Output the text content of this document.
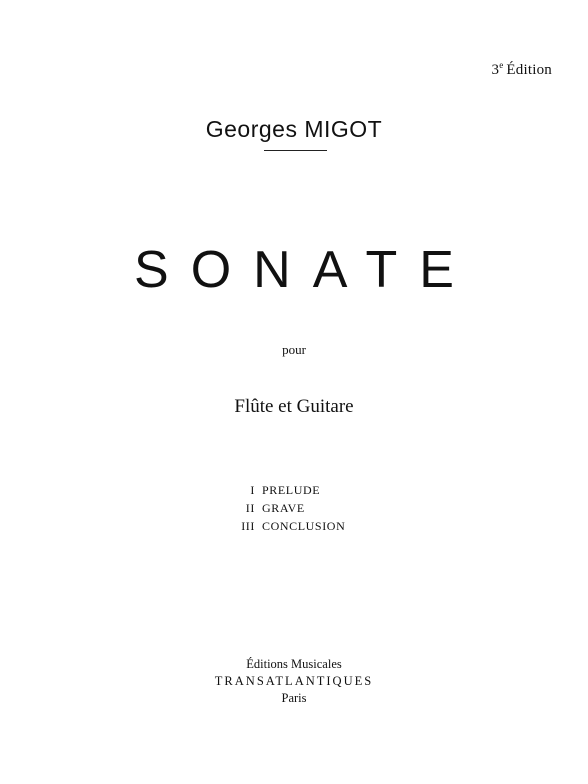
3e Édition
Georges MIGOT
SONATE
pour
Flûte et Guitare
I PRELUDE
II GRAVE
III CONCLUSION
Éditions Musicales
TRANSATLANTIQUES
Paris
